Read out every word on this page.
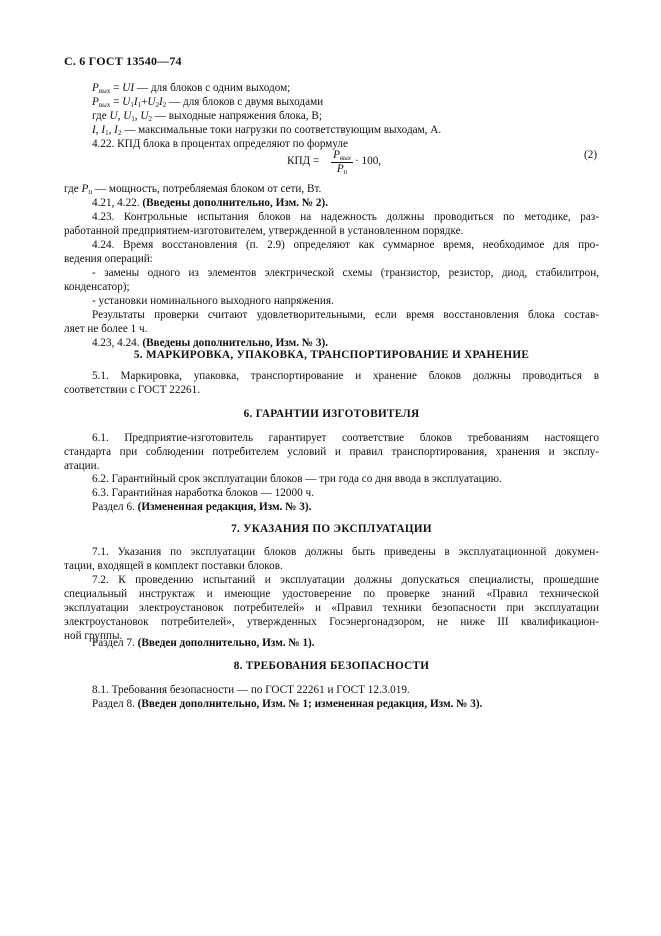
С. 6 ГОСТ 13540—74
$P_{вых}$ = UI — для блоков с одним выходом;
$P_{вых} = U_1I_1+U_2I_2$ — для блоков с двумя выходами
где U, $U_1$, $U_2$ — выходные напряжения блока, В;
I, $I_1$, $I_2$ — максимальные токи нагрузки по соответствующим выходам, А.
4.22. КПД блока в процентах определяют по формуле
КПД = $P_{вых}$
$P_п$
· 100,	(2)
где $P_п$ — мощность, потребляемая блоком от сети, Вт.
4.21, 4.22. (Введены дополнительно, Изм. № 2).
4.23. Контрольные испытания блоков на надежность должны проводиться по методике, раз-
работанной предприятием-изготовителем, утвержденной в установленном порядке.
4.24. Время восстановления (п. 2.9) определяют как суммарное время, необходимое для про-
ведения операций:
- замены одного из элементов электрической схемы (транзистор, резистор, диод, стабилитрон,
конденсатор);
- установки номинального выходного напряжения.
Результаты проверки считают удовлетворительными, если время восстановления блока состав-
ляет не более 1 ч.
4.23, 4.24. (Введены дополнительно, Изм. № 3).
5. МАРКИРОВКА, УПАКОВКА, ТРАНСПОРТИРОВАНИЕ И ХРАНЕНИЕ
5.1. Маркировка, упаковка, транспортирование и хранение блоков должны проводиться в
соответствии с ГОСТ 22261.
6. ГАРАНТИИ ИЗГОТОВИТЕЛЯ
6.1. Предприятие-изготовитель гарантирует соответствие блоков требованиям настоящего
стандарта при соблюдении потребителем условий и правил транспортирования, хранения и эксплу-
атации.
6.2. Гарантийный срок эксплуатации блоков — три года со дня ввода в эксплуатацию.
6.3. Гарантийная наработка блоков — 12000 ч.
Раздел 6. (Измененная редакция, Изм. № 3).
7. УКАЗАНИЯ ПО ЭКСПЛУАТАЦИИ
7.1. Указания по эксплуатации блоков должны быть приведены в эксплуатационной докумен-
тации, входящей в комплект поставки блоков.
7.2. К проведению испытаний и эксплуатации должны допускаться специалисты, прошедшие
специальный инструктаж и имеющие удостоверение по проверке знаний «Правил технической
эксплуатации электроустановок потребителей» и «Правил техники безопасности при эксплуатации
электроустановок потребителей», утвержденных Госэнергонадзором, не ниже III квалификацион-
ной группы.
Раздел 7. (Введен дополнительно, Изм. № 1).
8. ТРЕБОВАНИЯ БЕЗОПАСНОСТИ
8.1. Требования безопасности — по ГОСТ 22261 и ГОСТ 12.3.019.
Раздел 8. (Введен дополнительно, Изм. № 1; измененная редакция, Изм. № 3).
